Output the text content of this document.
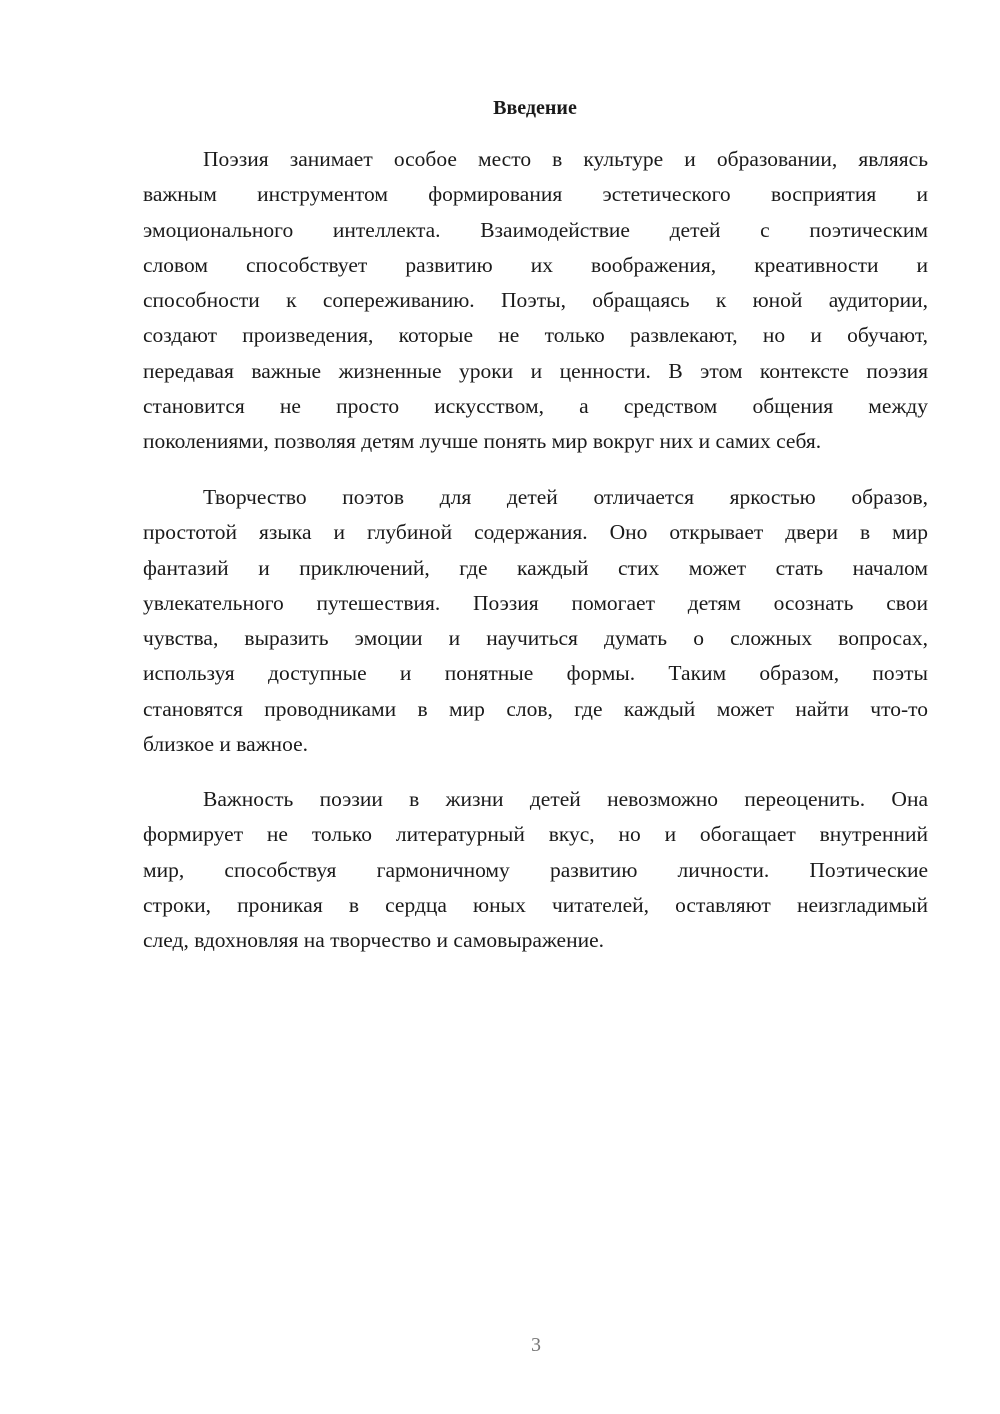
Введение
Поэзия занимает особое место в культуре и образовании, являясь
важным инструментом формирования эстетического восприятия и
эмоционального интеллекта. Взаимодействие детей с поэтическим
словом способствует развитию их воображения, креативности и
способности к сопереживанию. Поэты, обращаясь к юной аудитории,
создают произведения, которые не только развлекают, но и обучают,
передавая важные жизненные уроки и ценности. В этом контексте поэзия
становится не просто искусством, а средством общения между
поколениями, позволяя детям лучше понять мир вокруг них и самих себя.
Творчество поэтов для детей отличается яркостью образов,
простотой языка и глубиной содержания. Оно открывает двери в мир
фантазий и приключений, где каждый стих может стать началом
увлекательного путешествия. Поэзия помогает детям осознать свои
чувства, выразить эмоции и научиться думать о сложных вопросах,
используя доступные и понятные формы. Таким образом, поэты
становятся проводниками в мир слов, где каждый может найти что-то
близкое и важное.
Важность поэзии в жизни детей невозможно переоценить. Она
формирует не только литературный вкус, но и обогащает внутренний
мир, способствуя гармоничному развитию личности. Поэтические
строки, проникая в сердца юных читателей, оставляют неизгладимый
след, вдохновляя на творчество и самовыражение.
3
